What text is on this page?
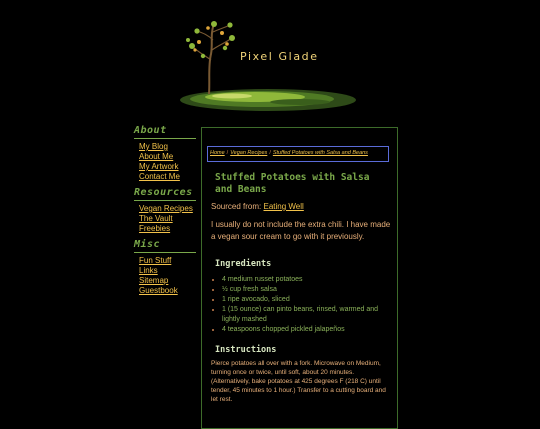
Pixel Glade
About
My Blog
About Me
My Artwork
Contact Me
Resources
Vegan Recipes
The Vault
Freebies
Misc
Fun Stuff
Links
Sitemap
Guestbook
Home / Vegan Recipes / Stuffed Potatoes with Salsa and Beans
Stuffed Potatoes with Salsa and Beans
Sourced from: Eating Well
I usually do not include the extra chili. I have made a vegan sour cream to go with it previously.
Ingredients
• 4 medium russet potatoes
• ½ cup fresh salsa
• 1 ripe avocado, sliced
• 1 (15 ounce) can pinto beans, rinsed, warmed and lightly mashed
• 4 teaspoons chopped pickled jalapeños
Instructions
Pierce potatoes all over with a fork. Microwave on Medium, turning once or twice, until soft, about 20 minutes. (Alternatively, bake potatoes at 425 degrees F (218 C) until tender, 45 minutes to 1 hour.) Transfer to a cutting board and let rest.
